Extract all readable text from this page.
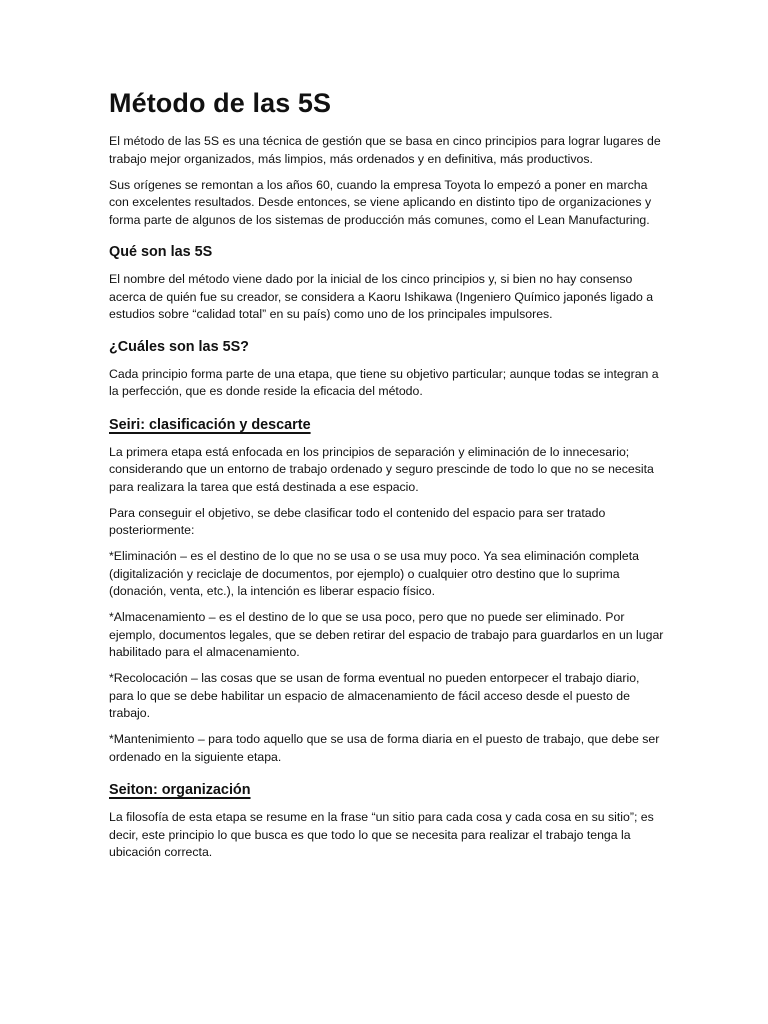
Método de las 5S

El método de las 5S es una técnica de gestión que se basa en cinco principios para lograr lugares de trabajo mejor organizados, más limpios, más ordenados y en definitiva, más productivos.

Sus orígenes se remontan a los años 60, cuando la empresa Toyota lo empezó a poner en marcha con excelentes resultados. Desde entonces, se viene aplicando en distinto tipo de organizaciones y forma parte de algunos de los sistemas de producción más comunes, como el Lean Manufacturing.

Qué son las 5S

El nombre del método viene dado por la inicial de los cinco principios y, si bien no hay consenso acerca de quién fue su creador, se considera a Kaoru Ishikawa (Ingeniero Químico japonés ligado a estudios sobre “calidad total” en su país) como uno de los principales impulsores.

¿Cuáles son las 5S?

Cada principio forma parte de una etapa, que tiene su objetivo particular; aunque todas se integran a la perfección, que es donde reside la eficacia del método.

Seiri: clasificación y descarte

La primera etapa está enfocada en los principios de separación y eliminación de lo innecesario; considerando que un entorno de trabajo ordenado y seguro prescinde de todo lo que no se necesita para realizara la tarea que está destinada a ese espacio.

Para conseguir el objetivo, se debe clasificar todo el contenido del espacio para ser tratado posteriormente:

*Eliminación – es el destino de lo que no se usa o se usa muy poco. Ya sea eliminación completa (digitalización y reciclaje de documentos, por ejemplo) o cualquier otro destino que lo suprima (donación, venta, etc.), la intención es liberar espacio físico.

*Almacenamiento – es el destino de lo que se usa poco, pero que no puede ser eliminado. Por ejemplo, documentos legales, que se deben retirar del espacio de trabajo para guardarlos en un lugar habilitado para el almacenamiento.

*Recolocación – las cosas que se usan de forma eventual no pueden entorpecer el trabajo diario, para lo que se debe habilitar un espacio de almacenamiento de fácil acceso desde el puesto de trabajo.

*Mantenimiento – para todo aquello que se usa de forma diaria en el puesto de trabajo, que debe ser ordenado en la siguiente etapa.

Seiton: organización

La filosofía de esta etapa se resume en la frase “un sitio para cada cosa y cada cosa en su sitio”; es decir, este principio lo que busca es que todo lo que se necesita para realizar el trabajo tenga la ubicación correcta.
